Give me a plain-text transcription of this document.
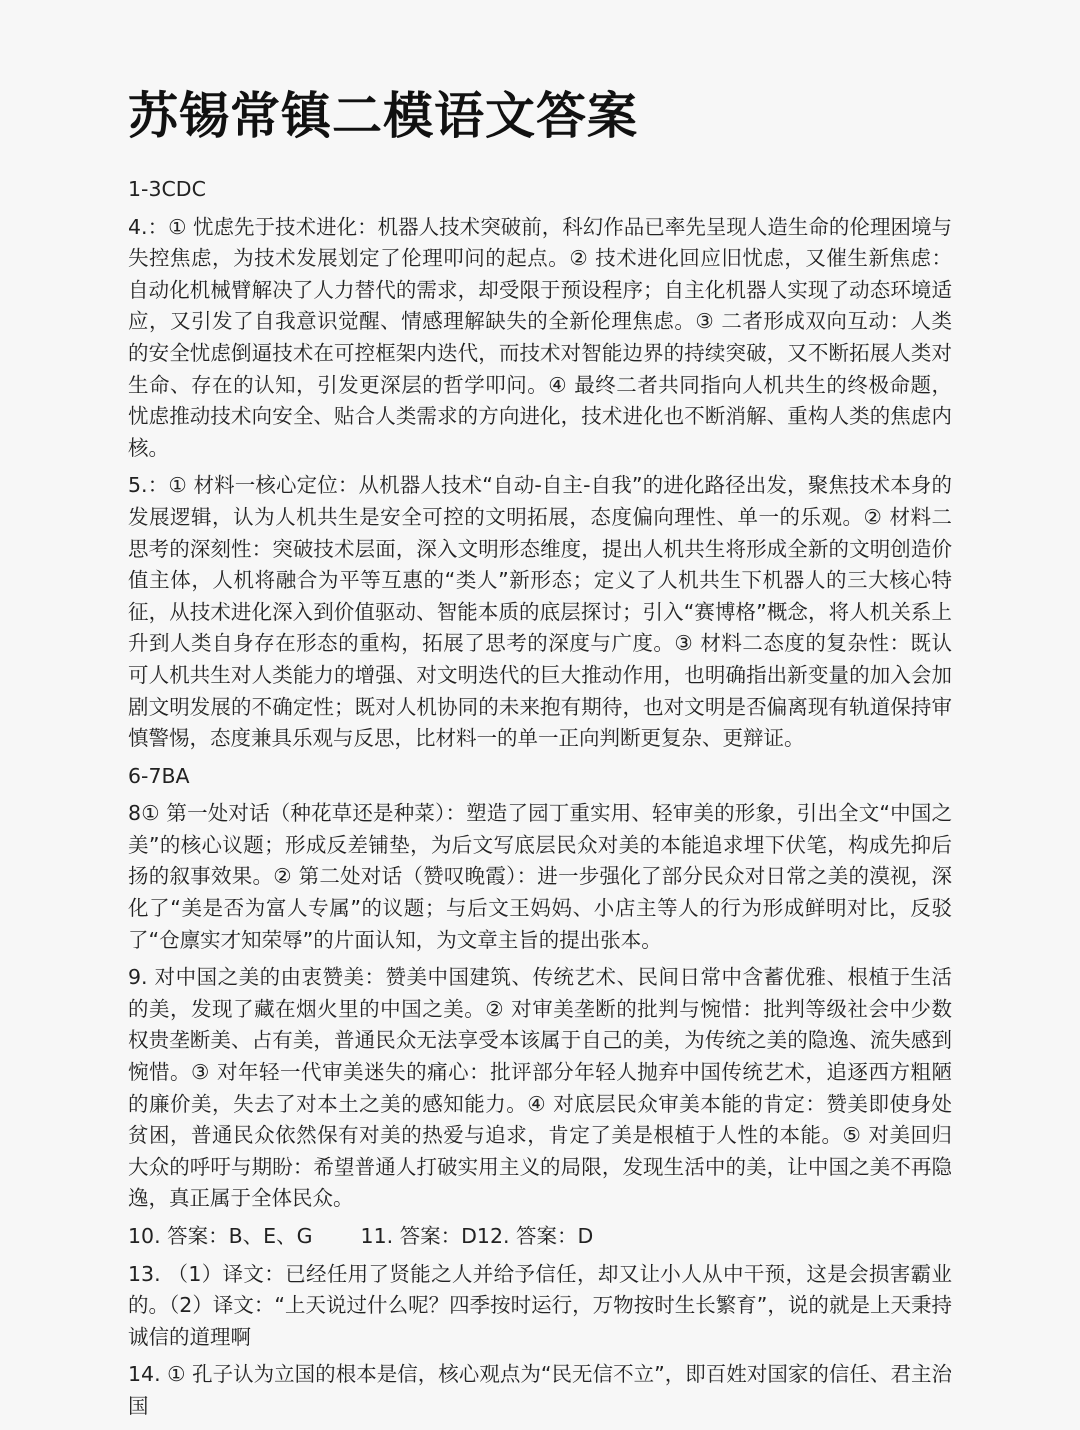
苏锡常镇二模语文答案

1-3CDC

4.：① 忧虑先于技术进化：机器人技术突破前，科幻作品已率先呈现人造生命的伦理困境与失控焦虑，为技术发展划定了伦理叩问的起点。② 技术进化回应旧忧虑，又催生新焦虑：自动化机械臂解决了人力替代的需求，却受限于预设程序；自主化机器人实现了动态环境适应，又引发了自我意识觉醒、情感理解缺失的全新伦理焦虑。③ 二者形成双向互动：人类的安全忧虑倒逼技术在可控框架内迭代，而技术对智能边界的持续突破，又不断拓展人类对生命、存在的认知，引发更深层的哲学叩问。④ 最终二者共同指向人机共生的终极命题，忧虑推动技术向安全、贴合人类需求的方向进化，技术进化也不断消解、重构人类的焦虑内核。

5.：① 材料一核心定位：从机器人技术“自动-自主-自我”的进化路径出发，聚焦技术本身的发展逻辑，认为人机共生是安全可控的文明拓展，态度偏向理性、单一的乐观。② 材料二思考的深刻性：突破技术层面，深入文明形态维度，提出人机共生将形成全新的文明创造价值主体，人机将融合为平等互惠的“类人”新形态；定义了人机共生下机器人的三大核心特征，从技术进化深入到价值驱动、智能本质的底层探讨；引入“赛博格”概念，将人机关系上升到人类自身存在形态的重构，拓展了思考的深度与广度。③ 材料二态度的复杂性：既认可人机共生对人类能力的增强、对文明迭代的巨大推动作用，也明确指出新变量的加入会加剧文明发展的不确定性；既对人机协同的未来抱有期待，也对文明是否偏离现有轨道保持审慎警惕，态度兼具乐观与反思，比材料一的单一正向判断更复杂、更辩证。

6-7BA

8① 第一处对话（种花草还是种菜）：塑造了园丁重实用、轻审美的形象，引出全文“中国之美”的核心议题；形成反差铺垫，为后文写底层民众对美的本能追求埋下伏笔，构成先抑后扬的叙事效果。② 第二处对话（赞叹晚霞）：进一步强化了部分民众对日常之美的漠视，深化了“美是否为富人专属”的议题；与后文王妈妈、小店主等人的行为形成鲜明对比，反驳了“仓廪实才知荣辱”的片面认知，为文章主旨的提出张本。

9. 对中国之美的由衷赞美：赞美中国建筑、传统艺术、民间日常中含蓄优雅、根植于生活的美，发现了藏在烟火里的中国之美。② 对审美垄断的批判与惋惜：批判等级社会中少数权贵垄断美、占有美，普通民众无法享受本该属于自己的美，为传统之美的隐逸、流失感到惋惜。③ 对年轻一代审美迷失的痛心：批评部分年轻人抛弃中国传统艺术，追逐西方粗陋的廉价美，失去了对本土之美的感知能力。④ 对底层民众审美本能的肯定：赞美即使身处贫困，普通民众依然保有对美的热爱与追求，肯定了美是根植于人性的本能。⑤ 对美回归大众的呼吁与期盼：希望普通人打破实用主义的局限，发现生活中的美，让中国之美不再隐逸，真正属于全体民众。

10. 答案：B、E、G 11. 答案：D12. 答案：D

13. （1）译文：已经任用了贤能之人并给予信任，却又让小人从中干预，这是会损害霸业的。（2）译文：“上天说过什么呢？四季按时运行，万物按时生长繁育”，说的就是上天秉持诚信的道理啊

14. ① 孔子认为立国的根本是信，核心观点为“民无信不立”，即百姓对国家的信任、君主治国
